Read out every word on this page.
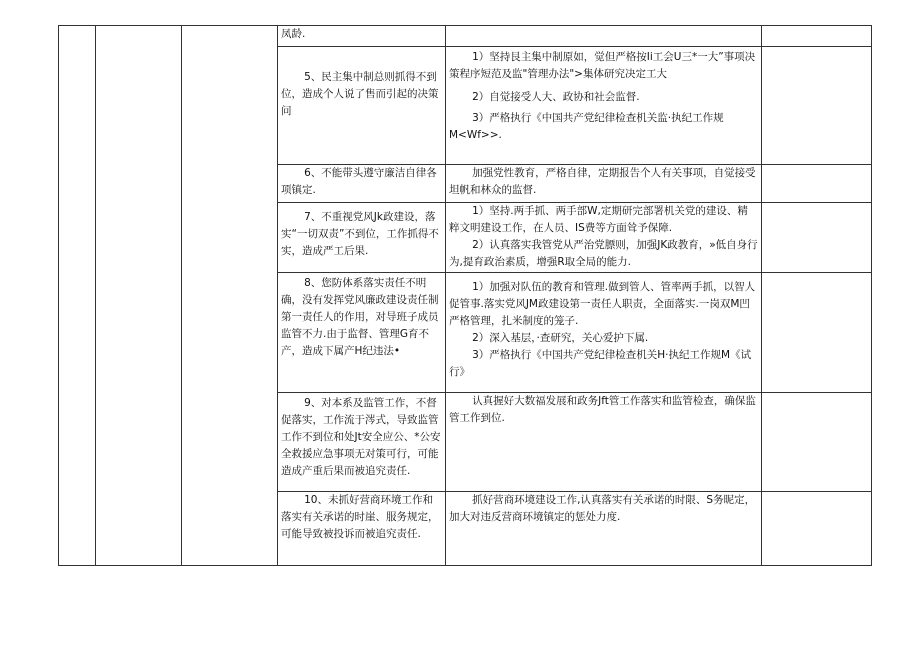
			凤龄.		

			5、民主集中制总则抓得不到位，造成个人说了售而引起的决策问	1）坚持艮主集中制原如，觉但严格按Ii工会U三*一大”事项决策程序短范及监"管理办法">集体研究决定工大

2）自觉接受人大、政协和社会监督.

3）严格执行《中国共产党纪律检查机关监·执纪工作规M<Wf>>.	

			6、不能带头遵守廉洁自律各项镇定.	加强党性教育，严格自律，定期报告个人有关事项，自觉接受坦帆和林众的监督.	

			7、不重视党风Jk政建设，落实“一切双责”不到位，工作抓得不实，造成严工后果.	1）坚持.两手抓、两手部W,定期研完部署机关党的建设、精粹文明建设工作，在人员、IS费等方面耸予保障.

2）认真落实我管党从严治党膘则，加强JK政教育，»低自身行为,提育政治素质，增强R取全局的能力.	

			8、您防体系落实责任不明确，没有发挥党风廉政建设责任制第一责任人的作用，对导班子成员监管不力.由于监督、管理G育不产，造成下属产H纪违法•	1）加强对队伍的教育和管理.做到管人、管率两手抓，以智人促管事.落实党风JM政建设第一责任人职责，全面落实.一岗双M凹严格管理，扎米制度的笼子.

2）深入基层，·查研究，关心爱护下属.

3）严格执行《中国共产党纪律检查机关H·执纪工作规M《试行》	

			9、对本系及监管工作，不督促落实，工作流于涔式，导致监管工作不到位和处Jt安全应公、*公安全救援应急事项无对策可行，可能造成产重后果而被追究责任.	认真握好大数福发展和政务Jft管工作落实和监管检查，确保监管工作到位.	

			10、未抓好营商环境工作和落实有关承诺的时崖、服务规定，可能导致被投诉而被追究责任.	抓好营商环境建设工作,认真落实有关承诺的时限、S务昵定，加大对违反营商环境镇定的惩处力度.	
